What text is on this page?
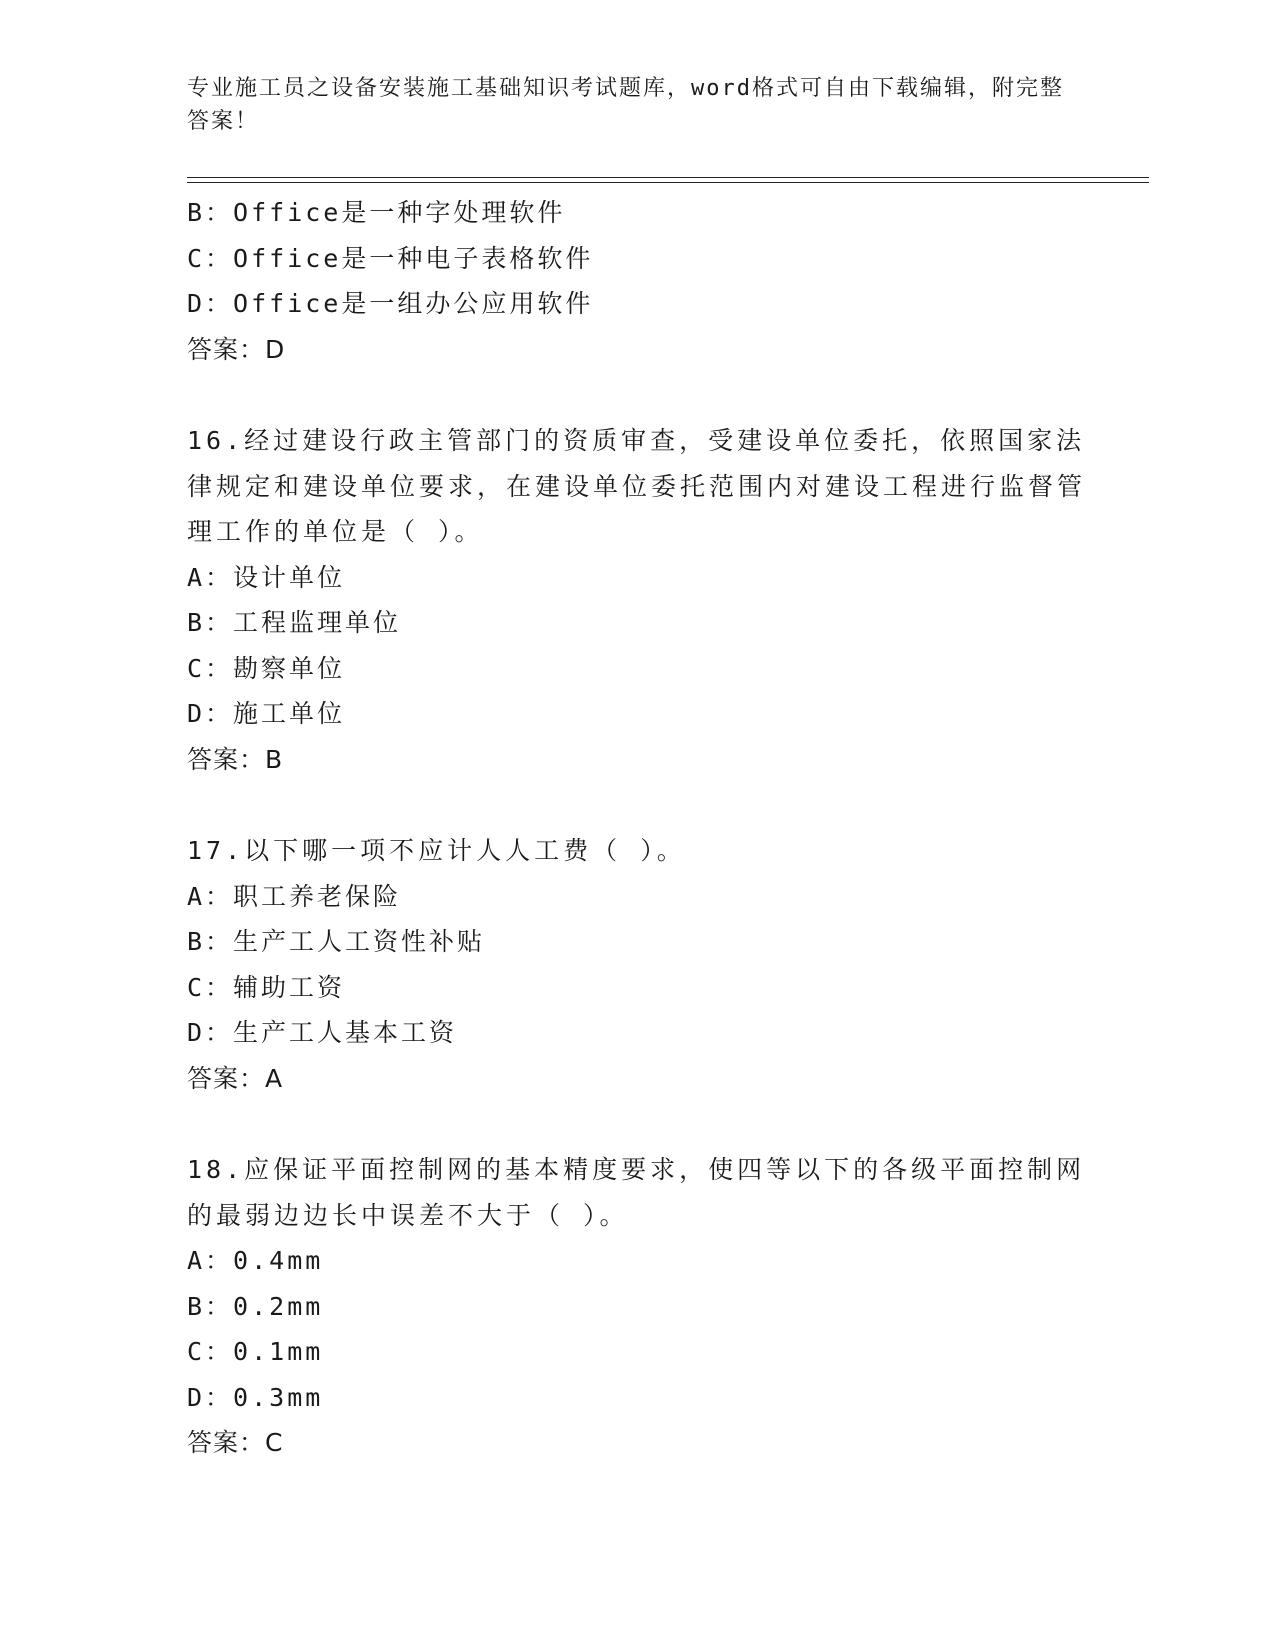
专业施工员之设备安装施工基础知识考试题库，word格式可自由下载编辑，附完整答案！
B：Office是一种字处理软件
C：Office是一种电子表格软件
D：Office是一组办公应用软件
答案：D
16.经过建设行政主管部门的资质审查，受建设单位委托，依照国家法律规定和建设单位要求，在建设单位委托范围内对建设工程进行监督管理工作的单位是（ ）。
A：设计单位
B：工程监理单位
C：勘察单位
D：施工单位
答案：B
17.以下哪一项不应计人人工费（ ）。
A：职工养老保险
B：生产工人工资性补贴
C：辅助工资
D：生产工人基本工资
答案：A
18.应保证平面控制网的基本精度要求，使四等以下的各级平面控制网的最弱边边长中误差不大于（ ）。
A：0.4mm
B：0.2mm
C：0.1mm
D：0.3mm
答案：C
